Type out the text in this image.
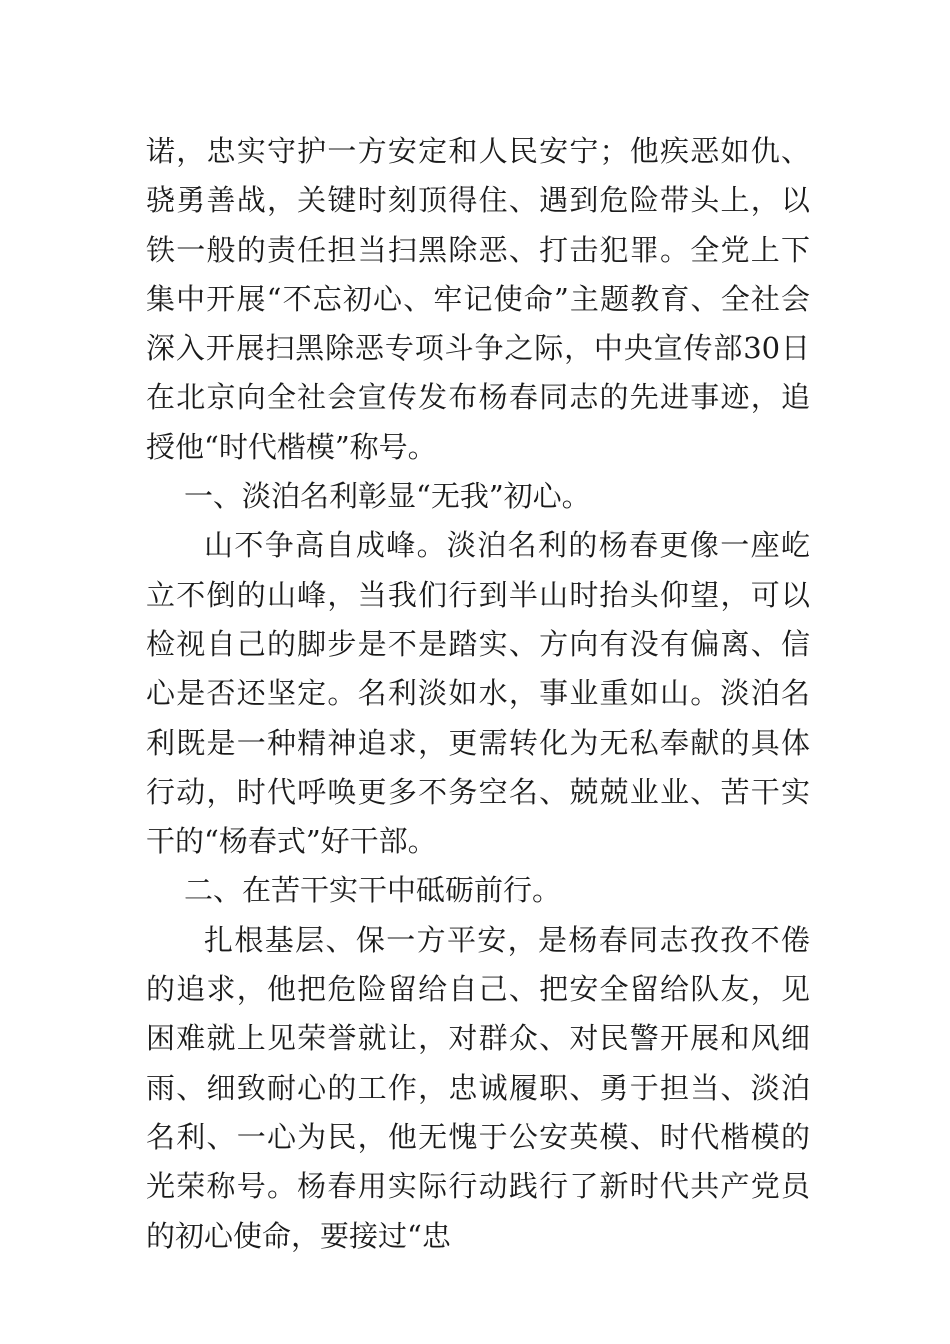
诺，忠实守护一方安定和人民安宁；他疾恶如仇、骁勇善战，关键时刻顶得住、遇到危险带头上，以铁一般的责任担当扫黑除恶、打击犯罪。全党上下集中开展“不忘初心、牢记使命”主题教育、全社会深入开展扫黑除恶专项斗争之际，中央宣传部30日在北京向全社会宣传发布杨春同志的先进事迹，追授他“时代楷模”称号。

一、淡泊名利彰显“无我”初心。

山不争高自成峰。淡泊名利的杨春更像一座屹立不倒的山峰，当我们行到半山时抬头仰望，可以检视自己的脚步是不是踏实、方向有没有偏离、信心是否还坚定。名利淡如水，事业重如山。淡泊名利既是一种精神追求，更需转化为无私奉献的具体行动，时代呼唤更多不务空名、兢兢业业、苦干实干的“杨春式”好干部。

二、在苦干实干中砥砺前行。

扎根基层、保一方平安，是杨春同志孜孜不倦的追求，他把危险留给自己、把安全留给队友，见困难就上见荣誉就让，对群众、对民警开展和风细雨、细致耐心的工作，忠诚履职、勇于担当、淡泊名利、一心为民，他无愧于公安英模、时代楷模的光荣称号。杨春用实际行动践行了新时代共产党员的初心使命，要接过“忠
